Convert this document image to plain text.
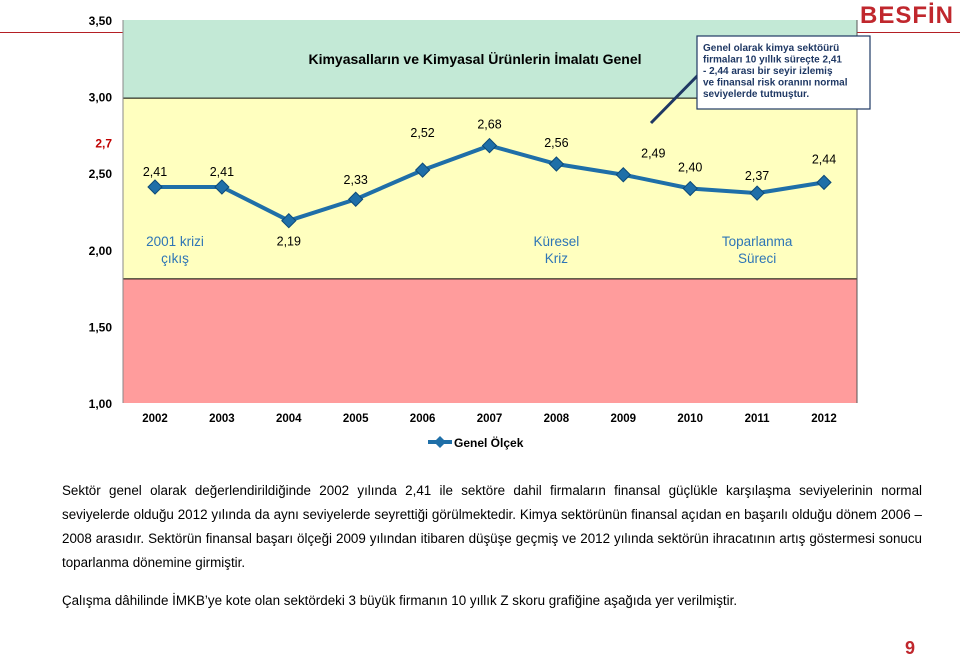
BESFİN
Kimyasalların ve Kimyasal Ürünlerin İmalatı Genel
Genel olarak kimya sektöürü firmaları 10 yıllık süreçte 2,41 - 2,44 arası bir seyir izlemiş ve finansal risk oranını normal seviyelerde tutmuştur.
1,00
1,50
2,00
2,50
2,7
3,00
3,50
2002	2003	2004	2005	2006	2007	2008	2009	2010	2011	2012
2001 krizi
çıkış
Küresel
Kriz
Toparlanma
Süreci
2,41	2,41
2,19
2,33
2,52
2,68
2,56
2,49
2,40
2,37
2,44
Genel Ölçek
Sektör genel olarak değerlendirildiğinde 2002 yılında 2,41 ile sektöre dahil firmaların finansal güçlükle karşılaşma seviyelerinin normal seviyelerde olduğu 2012 yılında da aynı seviyelerde seyrettiği görülmektedir. Kimya sektörünün finansal açıdan en başarılı olduğu dönem 2006 – 2008 arasıdır. Sektörün finansal başarı ölçeği 2009 yılından itibaren düşüşe geçmiş ve 2012 yılında sektörün ihracatının artış göstermesi sonucu toparlanma dönemine girmiştir.
Çalışma dâhilinde İMKB’ye kote olan sektördeki 3 büyük firmanın 10 yıllık Z skoru grafiğine aşağıda yer verilmiştir.
9
